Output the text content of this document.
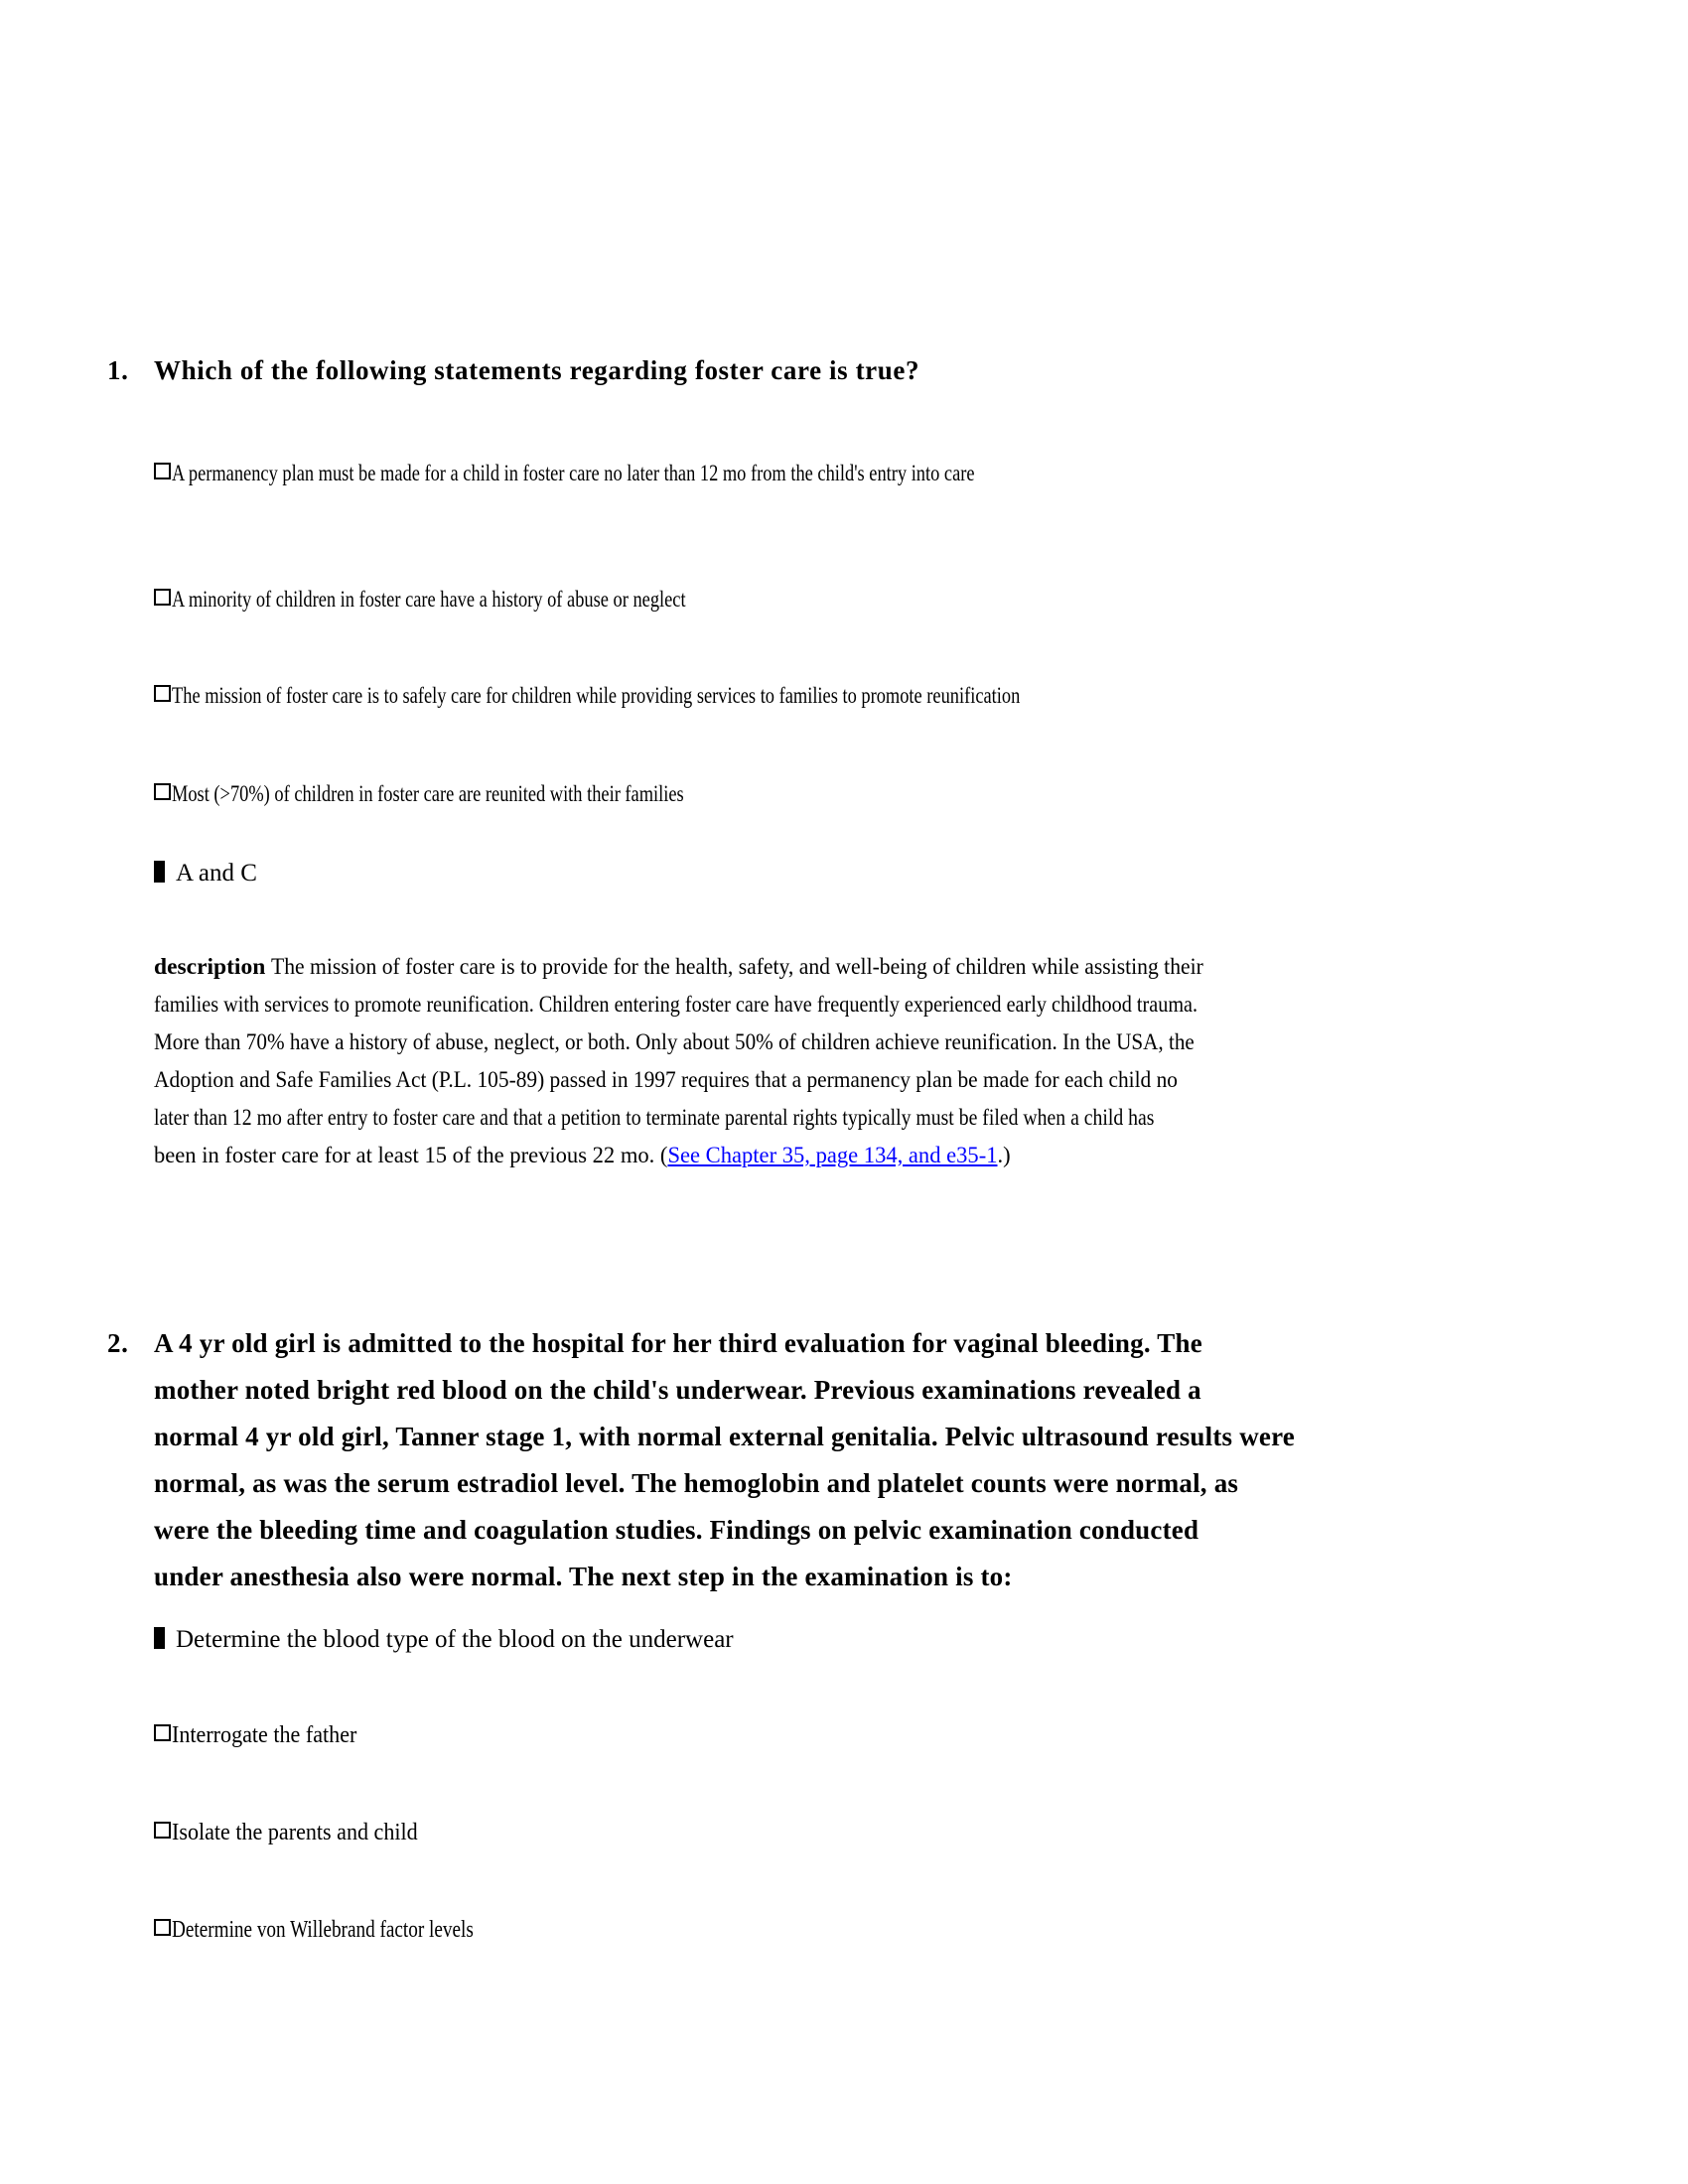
1. Which of the following statements regarding foster care is true?
A permanency plan must be made for a child in foster care no later than 12 mo from the child's entry into care
A minority of children in foster care have a history of abuse or neglect
The mission of foster care is to safely care for children while providing services to families to promote reunification
Most (>70%) of children in foster care are reunited with their families
A and C
description The mission of foster care is to provide for the health, safety, and well-being of children while assisting their
families with services to promote reunification. Children entering foster care have frequently experienced early childhood trauma.
More than 70% have a history of abuse, neglect, or both. Only about 50% of children achieve reunification. In the USA, the
Adoption and Safe Families Act (P.L. 105-89) passed in 1997 requires that a permanency plan be made for each child no
later than 12 mo after entry to foster care and that a petition to terminate parental rights typically must be filed when a child has
been in foster care for at least 15 of the previous 22 mo. (See Chapter 35, page 134, and e35-1.)
2. A 4 yr old girl is admitted to the hospital for her third evaluation for vaginal bleeding. The
mother noted bright red blood on the child's underwear. Previous examinations revealed a
normal 4 yr old girl, Tanner stage 1, with normal external genitalia. Pelvic ultrasound results were
normal, as was the serum estradiol level. The hemoglobin and platelet counts were normal, as
were the bleeding time and coagulation studies. Findings on pelvic examination conducted
under anesthesia also were normal. The next step in the examination is to:
Determine the blood type of the blood on the underwear
Interrogate the father
Isolate the parents and child
Determine von Willebrand factor levels
